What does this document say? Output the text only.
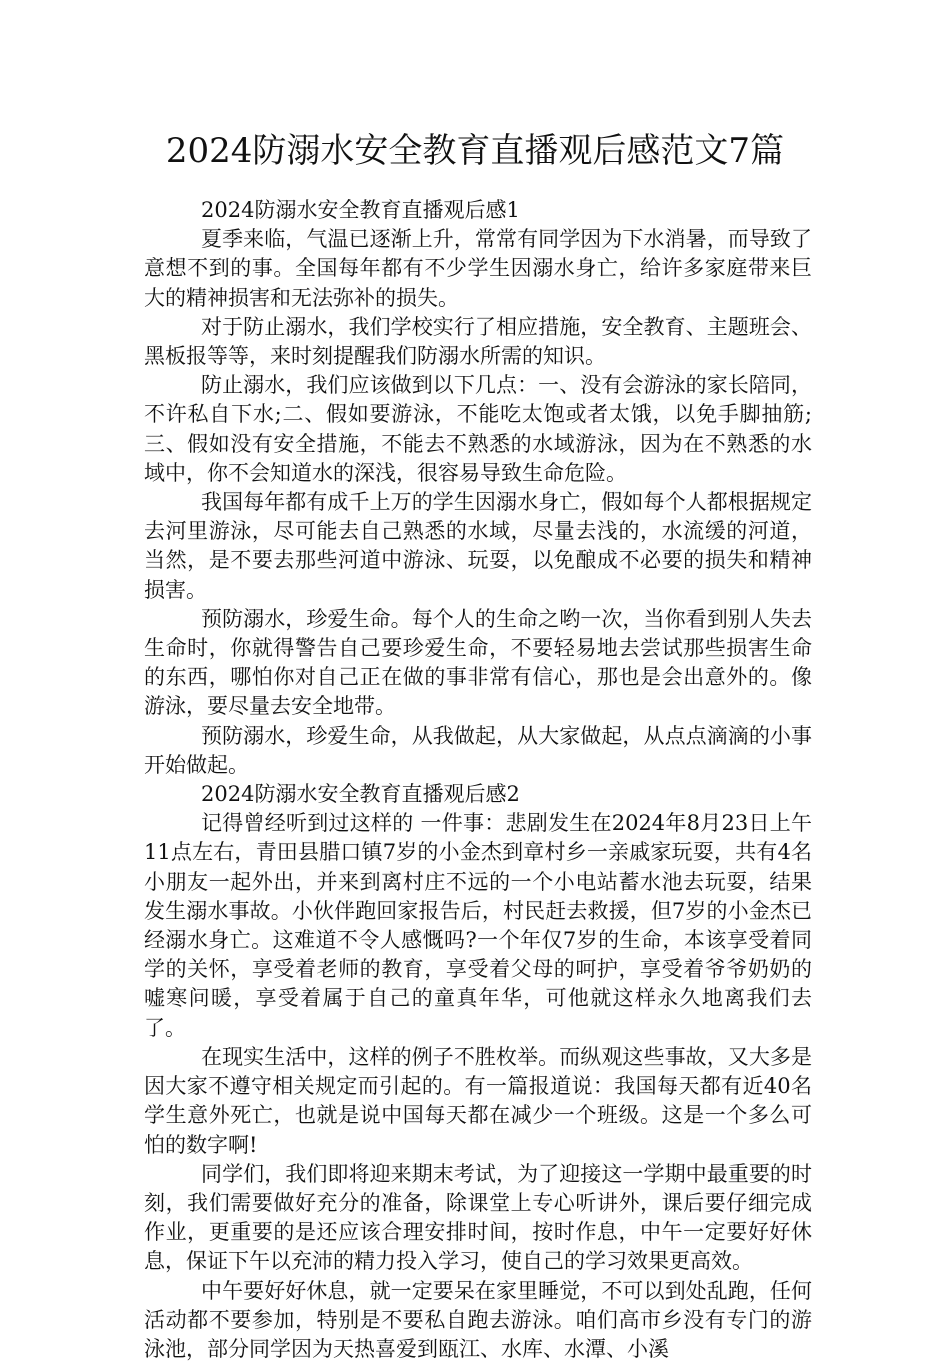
2024防溺水安全教育直播观后感范文7篇

2024防溺水安全教育直播观后感1

夏季来临，气温已逐渐上升，常常有同学因为下水消暑，而导致了意想不到的事。全国每年都有不少学生因溺水身亡，给许多家庭带来巨大的精神损害和无法弥补的损失。

对于防止溺水，我们学校实行了相应措施，安全教育、主题班会、黑板报等等，来时刻提醒我们防溺水所需的知识。

防止溺水，我们应该做到以下几点：一、没有会游泳的家长陪同，不许私自下水;二、假如要游泳，不能吃太饱或者太饿，以免手脚抽筋;三、假如没有安全措施，不能去不熟悉的水域游泳，因为在不熟悉的水域中，你不会知道水的深浅，很容易导致生命危险。

我国每年都有成千上万的学生因溺水身亡，假如每个人都根据规定去河里游泳，尽可能去自己熟悉的水域，尽量去浅的，水流缓的河道，当然，是不要去那些河道中游泳、玩耍，以免酿成不必要的损失和精神损害。

预防溺水，珍爱生命。每个人的生命之哟一次，当你看到别人失去生命时，你就得警告自己要珍爱生命，不要轻易地去尝试那些损害生命的东西，哪怕你对自己正在做的事非常有信心，那也是会出意外的。像游泳，要尽量去安全地带。

预防溺水，珍爱生命，从我做起，从大家做起，从点点滴滴的小事开始做起。

2024防溺水安全教育直播观后感2

记得曾经听到过这样的 一件事：悲剧发生在2024年8月23日上午11点左右，青田县腊口镇7岁的小金杰到章村乡一亲戚家玩耍，共有4名小朋友一起外出，并来到离村庄不远的一个小电站蓄水池去玩耍，结果发生溺水事故。小伙伴跑回家报告后，村民赶去救援，但7岁的小金杰已经溺水身亡。这难道不令人感慨吗?一个年仅7岁的生命，本该享受着同学的关怀，享受着老师的教育，享受着父母的呵护，享受着爷爷奶奶的嘘寒问暖，享受着属于自己的童真年华，可他就这样永久地离我们去了。

在现实生活中，这样的例子不胜枚举。而纵观这些事故，又大多是因大家不遵守相关规定而引起的。有一篇报道说：我国每天都有近40名学生意外死亡，也就是说中国每天都在减少一个班级。这是一个多么可怕的数字啊!

同学们，我们即将迎来期末考试，为了迎接这一学期中最重要的时刻，我们需要做好充分的准备，除课堂上专心听讲外，课后要仔细完成作业，更重要的是还应该合理安排时间，按时作息，中午一定要好好休息，保证下午以充沛的精力投入学习，使自己的学习效果更高效。

中午要好好休息，就一定要呆在家里睡觉，不可以到处乱跑，任何活动都不要参加，特别是不要私自跑去游泳。咱们高市乡没有专门的游泳池，部分同学因为天热喜爱到瓯江、水库、水潭、小溪
